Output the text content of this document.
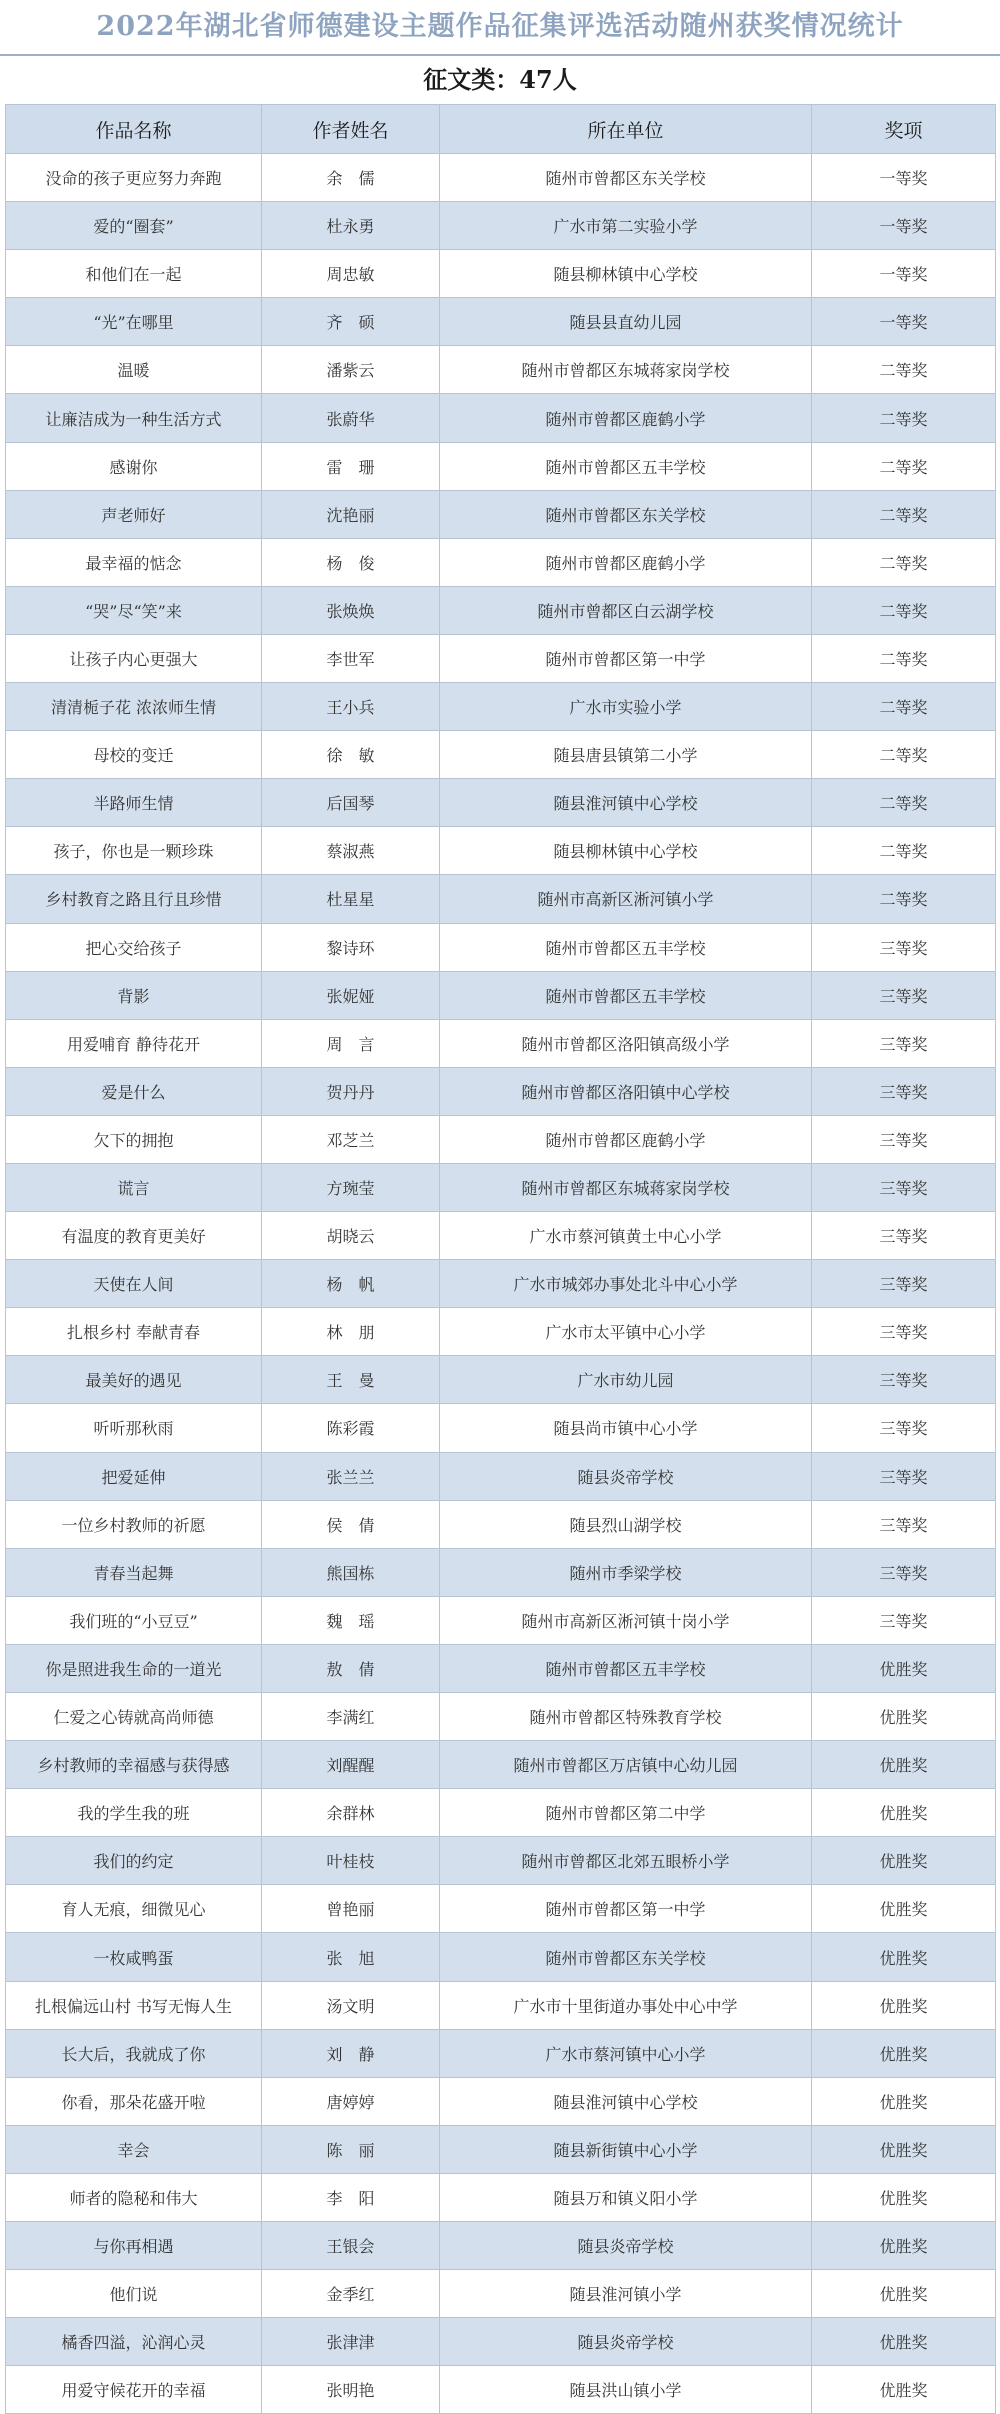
2022年湖北省师德建设主题作品征集评选活动随州获奖情况统计
征文类：47人
作品名称	作者姓名	所在单位	奖项
没命的孩子更应努力奔跑	余　儒	随州市曾都区东关学校	一等奖
爱的“圈套”	杜永勇	广水市第二实验小学	一等奖
和他们在一起	周忠敏	随县柳林镇中心学校	一等奖
“光”在哪里	齐　硕	随县县直幼儿园	一等奖
温暖	潘紫云	随州市曾都区东城蒋家岗学校	二等奖
让廉洁成为一种生活方式	张蔚华	随州市曾都区鹿鹤小学	二等奖
感谢你	雷　珊	随州市曾都区五丰学校	二等奖
声老师好	沈艳丽	随州市曾都区东关学校	二等奖
最幸福的惦念	杨　俊	随州市曾都区鹿鹤小学	二等奖
“哭”尽“笑”来	张焕焕	随州市曾都区白云湖学校	二等奖
让孩子内心更强大	李世军	随州市曾都区第一中学	二等奖
清清栀子花 浓浓师生情	王小兵	广水市实验小学	二等奖
母校的变迁	徐　敏	随县唐县镇第二小学	二等奖
半路师生情	后国琴	随县淮河镇中心学校	二等奖
孩子，你也是一颗珍珠	蔡淑燕	随县柳林镇中心学校	二等奖
乡村教育之路且行且珍惜	杜星星	随州市高新区淅河镇小学	二等奖
把心交给孩子	黎诗环	随州市曾都区五丰学校	三等奖
背影	张妮娅	随州市曾都区五丰学校	三等奖
用爱哺育 静待花开	周　言	随州市曾都区洛阳镇高级小学	三等奖
爱是什么	贺丹丹	随州市曾都区洛阳镇中心学校	三等奖
欠下的拥抱	邓芝兰	随州市曾都区鹿鹤小学	三等奖
谎言	方琬莹	随州市曾都区东城蒋家岗学校	三等奖
有温度的教育更美好	胡晓云	广水市蔡河镇黄土中心小学	三等奖
天使在人间	杨　帆	广水市城郊办事处北斗中心小学	三等奖
扎根乡村 奉献青春	林　朋	广水市太平镇中心小学	三等奖
最美好的遇见	王　曼	广水市幼儿园	三等奖
听听那秋雨	陈彩霞	随县尚市镇中心小学	三等奖
把爱延伸	张兰兰	随县炎帝学校	三等奖
一位乡村教师的祈愿	侯　倩	随县烈山湖学校	三等奖
青春当起舞	熊国栋	随州市季梁学校	三等奖
我们班的“小豆豆”	魏　瑶	随州市高新区淅河镇十岗小学	三等奖
你是照进我生命的一道光	敖　倩	随州市曾都区五丰学校	优胜奖
仁爱之心铸就高尚师德	李满红	随州市曾都区特殊教育学校	优胜奖
乡村教师的幸福感与获得感	刘醒醒	随州市曾都区万店镇中心幼儿园	优胜奖
我的学生我的班	余群林	随州市曾都区第二中学	优胜奖
我们的约定	叶桂枝	随州市曾都区北郊五眼桥小学	优胜奖
育人无痕，细微见心	曾艳丽	随州市曾都区第一中学	优胜奖
一枚咸鸭蛋	张　旭	随州市曾都区东关学校	优胜奖
扎根偏远山村 书写无悔人生	汤文明	广水市十里街道办事处中心中学	优胜奖
长大后，我就成了你	刘　静	广水市蔡河镇中心小学	优胜奖
你看，那朵花盛开啦	唐婷婷	随县淮河镇中心学校	优胜奖
幸会	陈　丽	随县新街镇中心小学	优胜奖
师者的隐秘和伟大	李　阳	随县万和镇义阳小学	优胜奖
与你再相遇	王银会	随县炎帝学校	优胜奖
他们说	金季红	随县淮河镇小学	优胜奖
橘香四溢，沁润心灵	张津津	随县炎帝学校	优胜奖
用爱守候花开的幸福	张明艳	随县洪山镇小学	优胜奖
